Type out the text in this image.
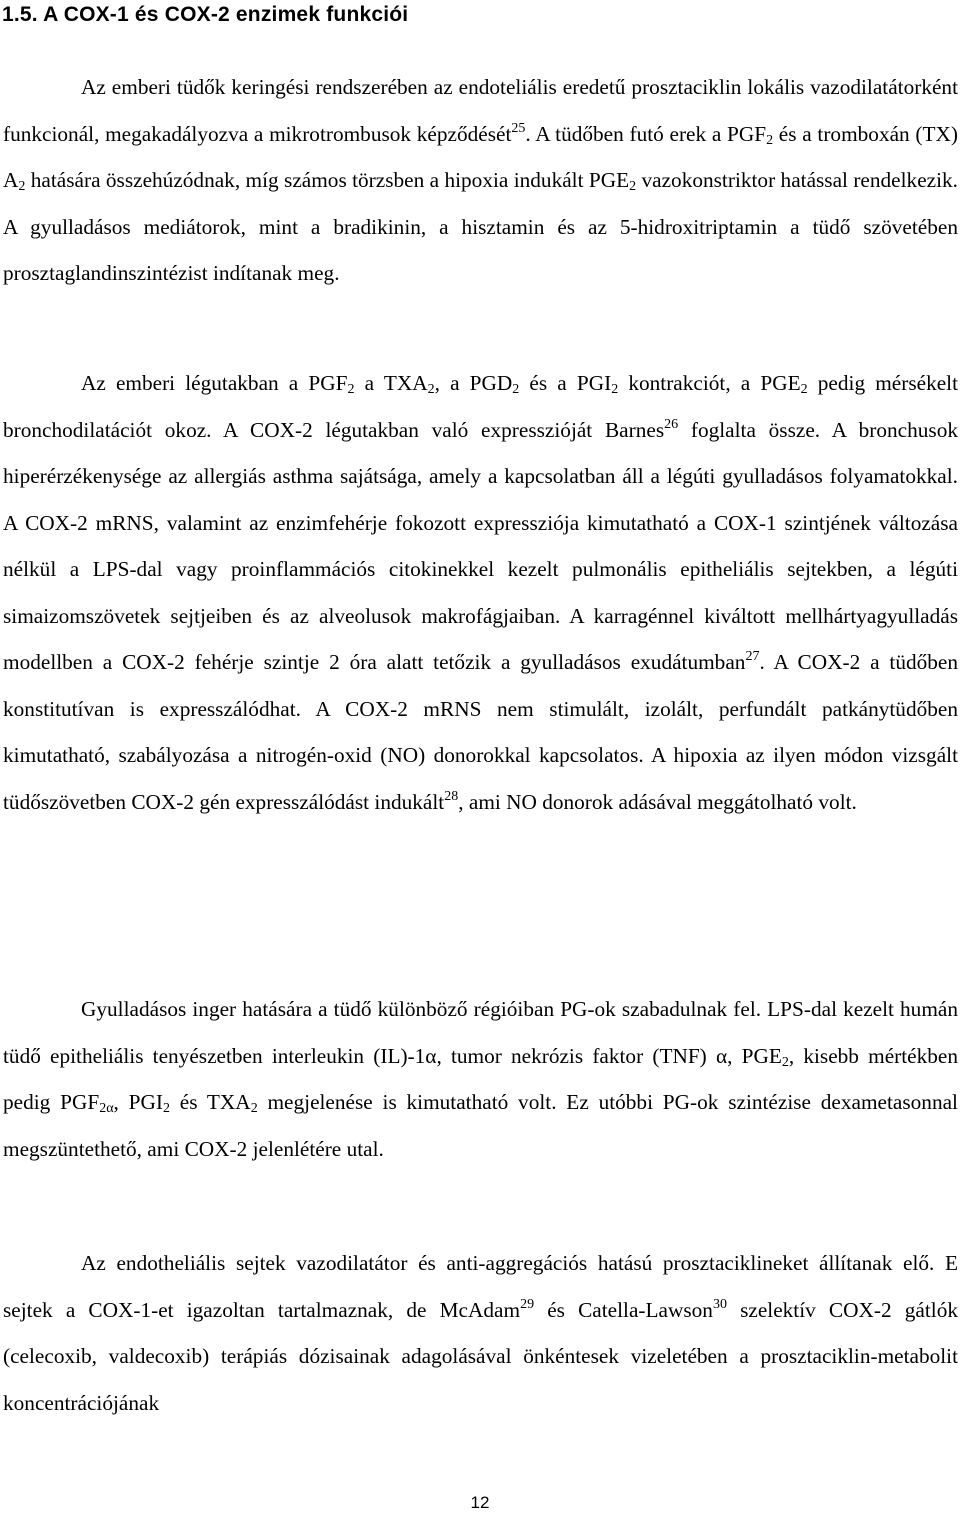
1.5. A COX-1 és COX-2 enzimek funkciói

Az emberi tüdők keringési rendszerében az endoteliális eredetű prosztaciklin lokális vazodilatátorként funkcionál, megakadályozva a mikrotrombusok képződését$^{25}$. A tüdőben futó erek a $PGF_2$ és a tromboxán (TX) $A_2$ hatására összehúzódnak, míg számos törzsben a hipoxia indukált $PGE_2$ vazokonstriktor hatással rendelkezik. A gyulladásos mediátorok, mint a bradikinin, a hisztamin és az 5-hidroxitriptamin a tüdő szövetében prosztaglandinszintézist indítanak meg.

Az emberi légutakban a $PGF_2$ a $TXA_2$, a $PGD_2$ és a $PGI_2$ kontrakciót, a $PGE_2$ pedig mérsékelt bronchodilatációt okoz. A COX-2 légutakban való expresszióját Barnes$^{26}$ foglalta össze. A bronchusok hiperérzékenysége az allergiás asthma sajátsága, amely a kapcsolatban áll a légúti gyulladásos folyamatokkal. A COX-2 mRNS, valamint az enzimfehérje fokozott expressziója kimutatható a COX-1 szintjének változása nélkül a LPS-dal vagy proinflammációs citokinekkel kezelt pulmonális epitheliális sejtekben, a légúti simaizomszövetek sejtjeiben és az alveolusok makrofágjaiban. A karragénnel kiváltott mellhártyagyulladás modellben a COX-2 fehérje szintje 2 óra alatt tetőzik a gyulladásos exudátumban$^{27}$. A COX-2 a tüdőben konstitutívan is expresszálódhat. A COX-2 mRNS nem stimulált, izolált, perfundált patkánytüdőben kimutatható, szabályozása a nitrogén-oxid (NO) donorokkal kapcsolatos. A hipoxia az ilyen módon vizsgált tüdőszövetben COX-2 gén expresszálódást indukált$^{28}$, ami NO donorok adásával meggátolható volt.

Gyulladásos inger hatására a tüdő különböző régióiban PG-ok szabadulnak fel. LPS-dal kezelt humán tüdő epitheliális tenyészetben interleukin (IL)-1α, tumor nekrózis faktor (TNF) α, $PGE_2$, kisebb mértékben pedig $PGF_{2\alpha}$, $PGI_2$ és $TXA_2$ megjelenése is kimutatható volt. Ez utóbbi PG-ok szintézise dexametasonnal megszüntethető, ami COX-2 jelenlétére utal.

Az endotheliális sejtek vazodilatátor és anti-aggregációs hatású prosztaciklineket állítanak elő. E sejtek a COX-1-et igazoltan tartalmaznak, de McAdam$^{29}$ és Catella-Lawson$^{30}$ szelektív COX-2 gátlók (celecoxib, valdecoxib) terápiás dózisainak adagolásával önkéntesek vizeletében a prosztaciklin-metabolit koncentrációjának

12
